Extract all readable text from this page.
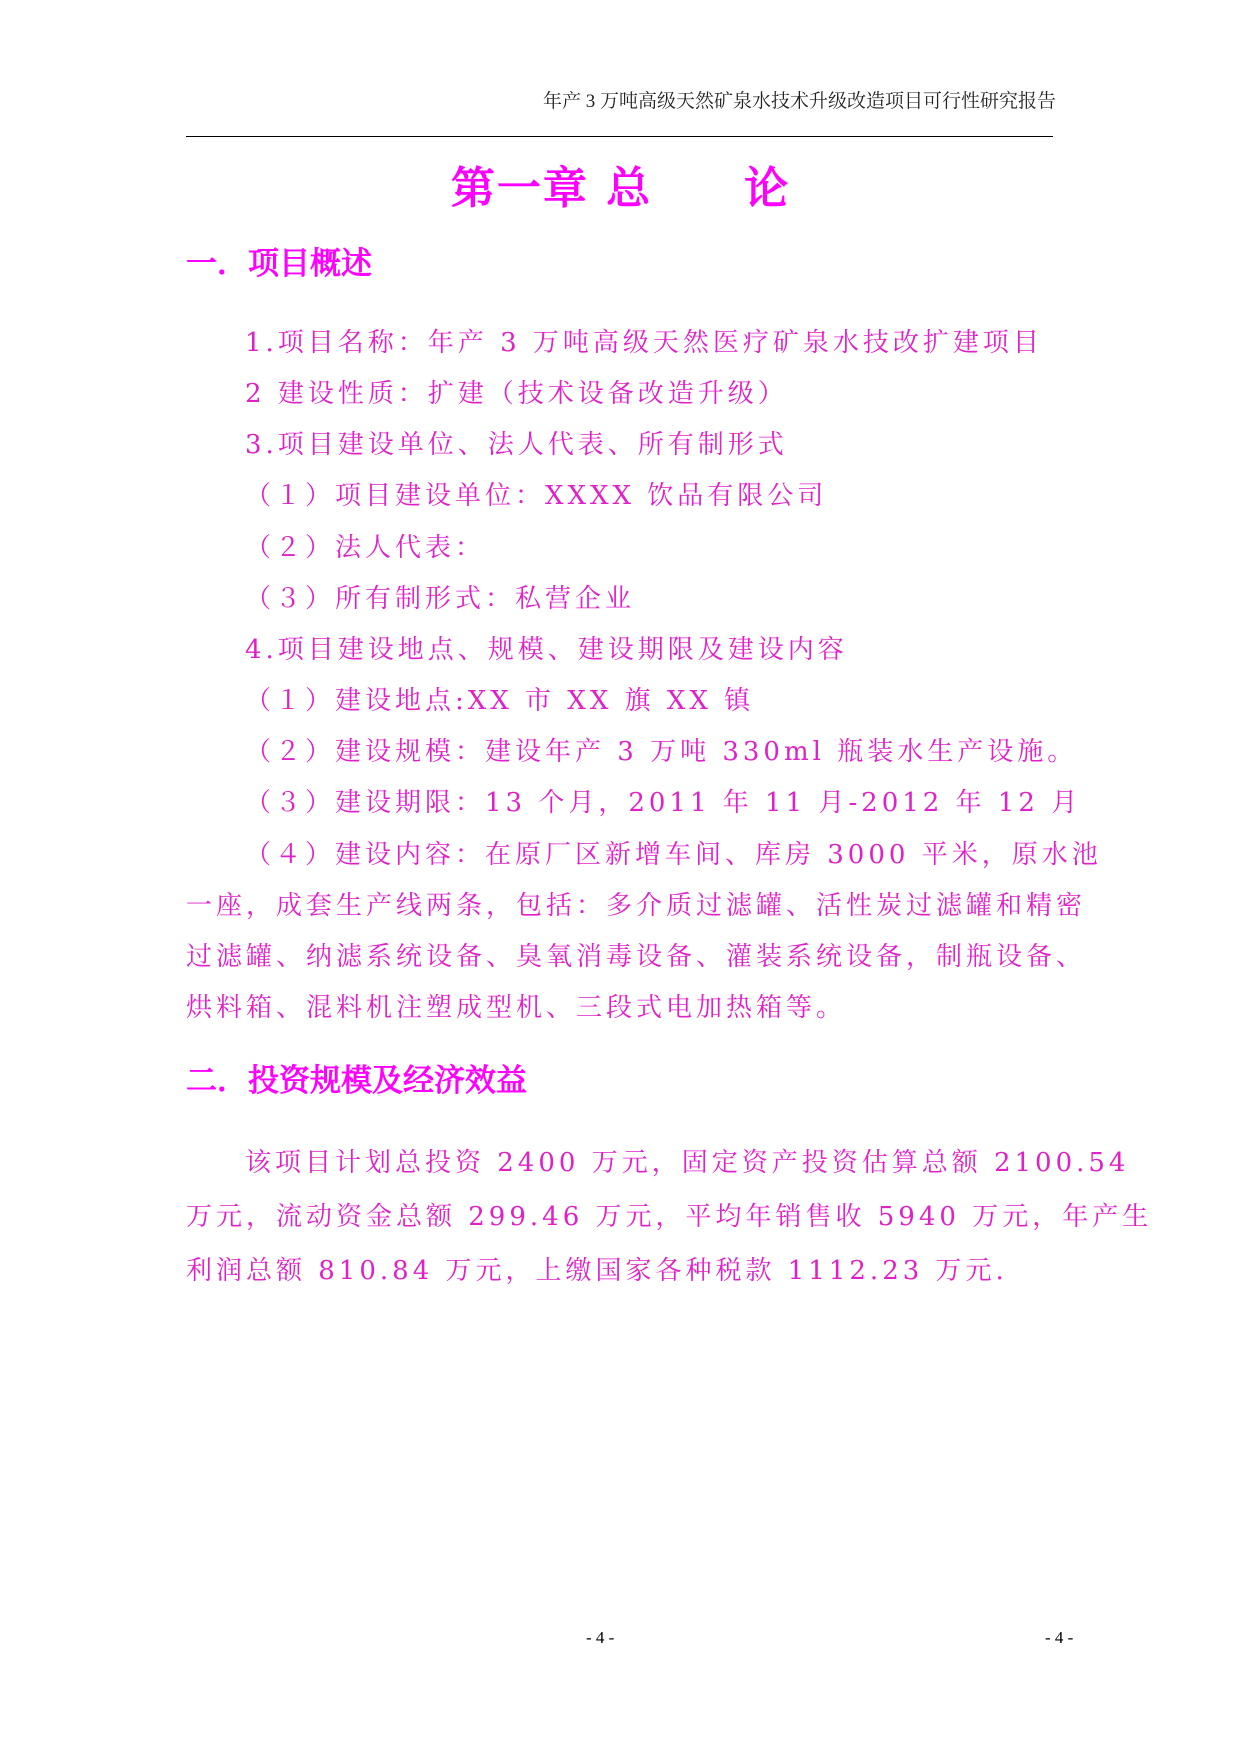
年产 3 万吨高级天然矿泉水技术升级改造项目可行性研究报告
第一章 总　　论
一．项目概述
1.项目名称：年产 3 万吨高级天然医疗矿泉水技改扩建项目
2 建设性质：扩建（技术设备改造升级）
3.项目建设单位、法人代表、所有制形式
（１）项目建设单位：XXXX 饮品有限公司
（２）法人代表：
（３）所有制形式：私营企业
4.项目建设地点、规模、建设期限及建设内容
（１）建设地点:XX 市 XX 旗 XX 镇
（２）建设规模：建设年产 3 万吨 330ml 瓶装水生产设施。
（３）建设期限：13 个月，2011 年 11 月-2012 年 12 月
（４）建设内容：在原厂区新增车间、库房 3000 平米，原水池
一座，成套生产线两条，包括：多介质过滤罐、活性炭过滤罐和精密
过滤罐、纳滤系统设备、臭氧消毒设备、灌装系统设备，制瓶设备、
烘料箱、混料机注塑成型机、三段式电加热箱等。
二．投资规模及经济效益
该项目计划总投资 2400 万元，固定资产投资估算总额 2100.54
万元，流动资金总额 299.46 万元，平均年销售收 5940 万元，年产生
利润总额 810.84 万元，上缴国家各种税款 1112.23 万元.
- 4 -	- 4 -
